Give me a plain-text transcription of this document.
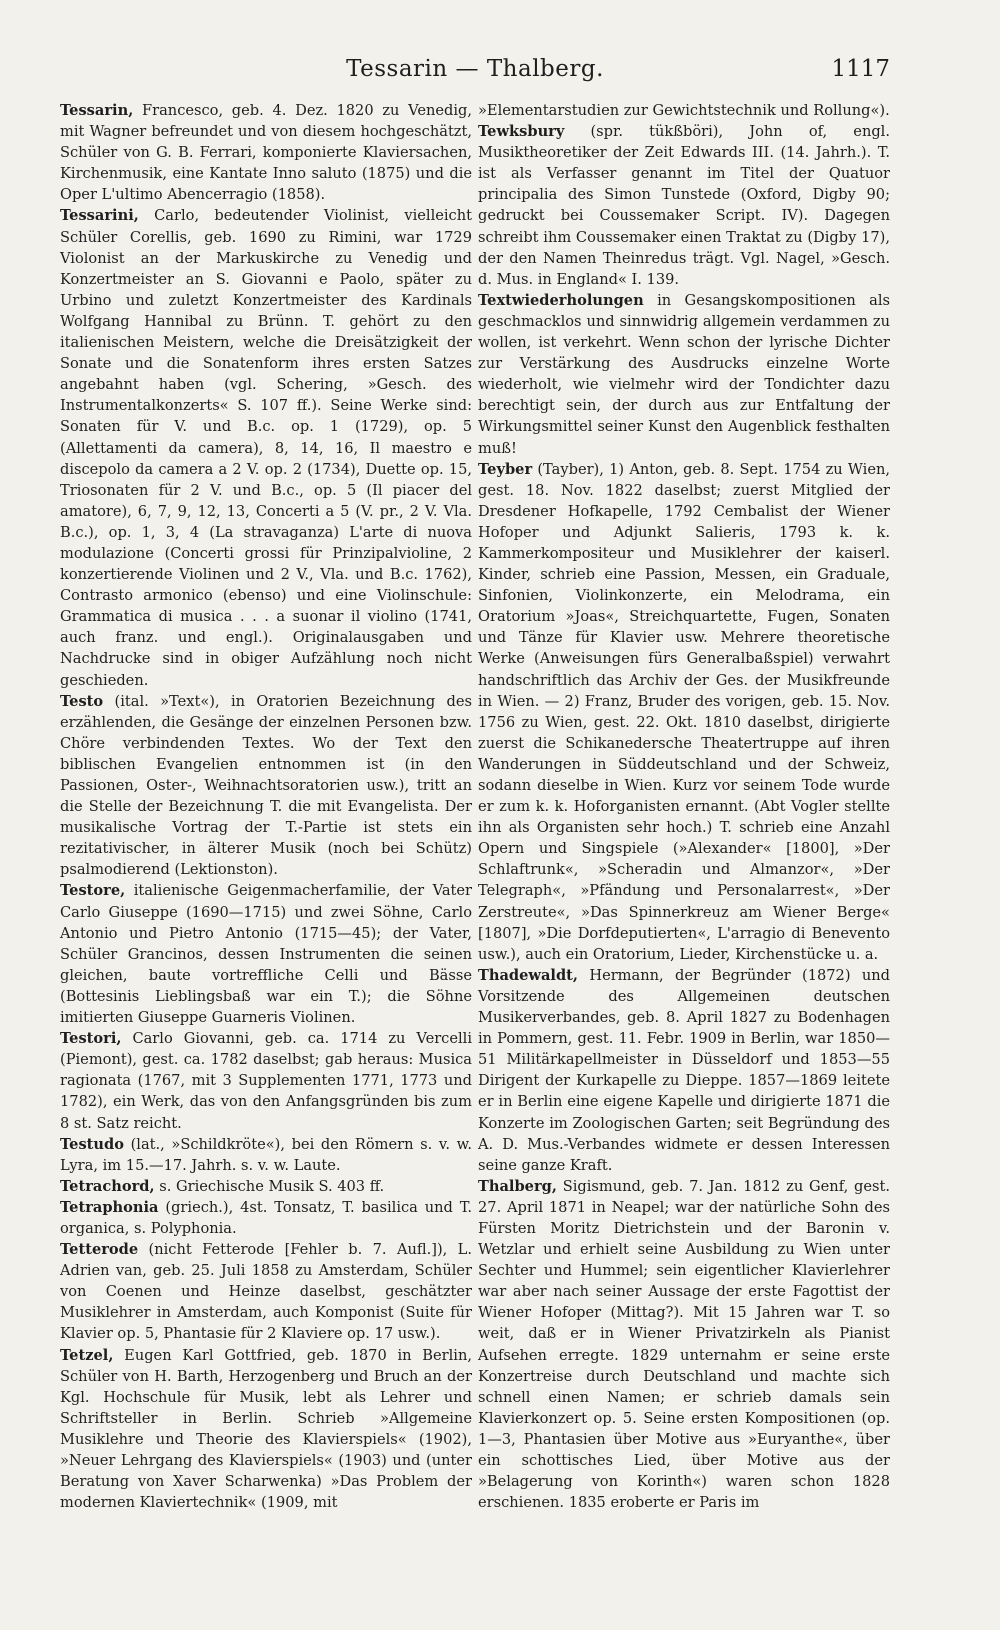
Tessarin — Thalberg.	1117

Tessarin, Francesco, geb. 4. Dez. 1820 zu Venedig, mit Wagner befreundet und von diesem hochgeschätzt, Schüler von G. B. Ferrari, komponierte Klaviersachen, Kirchenmusik, eine Kantate Inno saluto (1875) und die Oper L'ultimo Abencerragio (1858).

Tessarini, Carlo, bedeutender Violinist, vielleicht Schüler Corellis, geb. 1690 zu Rimini, war 1729 Violonist an der Markuskirche zu Venedig und Konzertmeister an S. Giovanni e Paolo, später zu Urbino und zuletzt Konzertmeister des Kardinals Wolfgang Hannibal zu Brünn. T. gehört zu den italienischen Meistern, welche die Dreisätzigkeit der Sonate und die Sonatenform ihres ersten Satzes angebahnt haben (vgl. Schering, »Gesch. des Instrumentalkonzerts« S. 107 ff.). Seine Werke sind: Sonaten für V. und B.c. op. 1 (1729), op. 5 (Allettamenti da camera), 8, 14, 16, Il maestro e discepolo da camera a 2 V. op. 2 (1734), Duette op. 15, Triosonaten für 2 V. und B.c., op. 5 (Il piacer del amatore), 6, 7, 9, 12, 13, Concerti a 5 (V. pr., 2 V. Vla. B.c.), op. 1, 3, 4 (La stravaganza) L'arte di nuova modulazione (Concerti grossi für Prinzipalvioline, 2 konzertierende Violinen und 2 V., Vla. und B.c. 1762), Contrasto armonico (ebenso) und eine Violinschule: Grammatica di musica . . . a suonar il violino (1741, auch franz. und engl.). Originalausgaben und Nachdrucke sind in obiger Aufzählung noch nicht geschieden.

Testo (ital. »Text«), in Oratorien Bezeichnung des erzählenden, die Gesänge der einzelnen Personen bzw. Chöre verbindenden Textes. Wo der Text den biblischen Evangelien entnommen ist (in den Passionen, Oster-, Weihnachtsoratorien usw.), tritt an die Stelle der Bezeichnung T. die mit Evangelista. Der musikalische Vortrag der T.-Partie ist stets ein rezitativischer, in älterer Musik (noch bei Schütz) psalmodierend (Lektionston).

Testore, italienische Geigenmacherfamilie, der Vater Carlo Giuseppe (1690—1715) und zwei Söhne, Carlo Antonio und Pietro Antonio (1715—45); der Vater, Schüler Grancinos, dessen Instrumenten die seinen gleichen, baute vortreffliche Celli und Bässe (Bottesinis Lieblingsbaß war ein T.); die Söhne imitierten Giuseppe Guarneris Violinen.

Testori, Carlo Giovanni, geb. ca. 1714 zu Vercelli (Piemont), gest. ca. 1782 daselbst; gab heraus: Musica ragionata (1767, mit 3 Supplementen 1771, 1773 und 1782), ein Werk, das von den Anfangsgründen bis zum 8 st. Satz reicht.

Testudo (lat., »Schildkröte«), bei den Römern s. v. w. Lyra, im 15.—17. Jahrh. s. v. w. Laute.

Tetrachord, s. Griechische Musik S. 403 ff.

Tetraphonia (griech.), 4st. Tonsatz, T. basilica und T. organica, s. Polyphonia.

Tetterode (nicht Fetterode [Fehler b. 7. Aufl.]), L. Adrien van, geb. 25. Juli 1858 zu Amsterdam, Schüler von Coenen und Heinze daselbst, geschätzter Musiklehrer in Amsterdam, auch Komponist (Suite für Klavier op. 5, Phantasie für 2 Klaviere op. 17 usw.).

Tetzel, Eugen Karl Gottfried, geb. 1870 in Berlin, Schüler von H. Barth, Herzogenberg und Bruch an der Kgl. Hochschule für Musik, lebt als Lehrer und Schriftsteller in Berlin. Schrieb »Allgemeine Musiklehre und Theorie des Klavierspiels« (1902), »Neuer Lehrgang des Klavierspiels« (1903) und (unter Beratung von Xaver Scharwenka) »Das Problem der modernen Klaviertechnik« (1909, mit

»Elementarstudien zur Gewichtstechnik und Rollung«).

Tewksbury (spr. tükßböri), John of, engl. Musiktheoretiker der Zeit Edwards III. (14. Jahrh.). T. ist als Verfasser genannt im Titel der Quatuor principalia des Simon Tunstede (Oxford, Digby 90; gedruckt bei Coussemaker Script. IV). Dagegen schreibt ihm Coussemaker einen Traktat zu (Digby 17), der den Namen Theinredus trägt. Vgl. Nagel, »Gesch. d. Mus. in England« I. 139.

Textwiederholungen in Gesangskompositionen als geschmacklos und sinnwidrig allgemein verdammen zu wollen, ist verkehrt. Wenn schon der lyrische Dichter zur Verstärkung des Ausdrucks einzelne Worte wiederholt, wie vielmehr wird der Tondichter dazu berechtigt sein, der durch aus zur Entfaltung der Wirkungsmittel seiner Kunst den Augenblick festhalten muß!

Teyber (Tayber), 1) Anton, geb. 8. Sept. 1754 zu Wien, gest. 18. Nov. 1822 daselbst; zuerst Mitglied der Dresdener Hofkapelle, 1792 Cembalist der Wiener Hofoper und Adjunkt Salieris, 1793 k. k. Kammerkompositeur und Musiklehrer der kaiserl. Kinder, schrieb eine Passion, Messen, ein Graduale, Sinfonien, Violinkonzerte, ein Melodrama, ein Oratorium »Joas«, Streichquartette, Fugen, Sonaten und Tänze für Klavier usw. Mehrere theoretische Werke (Anweisungen fürs Generalbaßspiel) verwahrt handschriftlich das Archiv der Ges. der Musikfreunde in Wien. — 2) Franz, Bruder des vorigen, geb. 15. Nov. 1756 zu Wien, gest. 22. Okt. 1810 daselbst, dirigierte zuerst die Schikanedersche Theatertruppe auf ihren Wanderungen in Süddeutschland und der Schweiz, sodann dieselbe in Wien. Kurz vor seinem Tode wurde er zum k. k. Hoforganisten ernannt. (Abt Vogler stellte ihn als Organisten sehr hoch.) T. schrieb eine Anzahl Opern und Singspiele (»Alexander« [1800], »Der Schlaftrunk«, »Scheradin und Almanzor«, »Der Telegraph«, »Pfändung und Personalarrest«, »Der Zerstreute«, »Das Spinnerkreuz am Wiener Berge« [1807], »Die Dorfdeputierten«, L'arragio di Benevento usw.), auch ein Oratorium, Lieder, Kirchenstücke u. a.

Thadewaldt, Hermann, der Begründer (1872) und Vorsitzende des Allgemeinen deutschen Musikerverbandes, geb. 8. April 1827 zu Bodenhagen in Pommern, gest. 11. Febr. 1909 in Berlin, war 1850—51 Militärkapellmeister in Düsseldorf und 1853—55 Dirigent der Kurkapelle zu Dieppe. 1857—1869 leitete er in Berlin eine eigene Kapelle und dirigierte 1871 die Konzerte im Zoologischen Garten; seit Begründung des A. D. Mus.-Verbandes widmete er dessen Interessen seine ganze Kraft.

Thalberg, Sigismund, geb. 7. Jan. 1812 zu Genf, gest. 27. April 1871 in Neapel; war der natürliche Sohn des Fürsten Moritz Dietrichstein und der Baronin v. Wetzlar und erhielt seine Ausbildung zu Wien unter Sechter und Hummel; sein eigentlicher Klavierlehrer war aber nach seiner Aussage der erste Fagottist der Wiener Hofoper (Mittag?). Mit 15 Jahren war T. so weit, daß er in Wiener Privatzirkeln als Pianist Aufsehen erregte. 1829 unternahm er seine erste Konzertreise durch Deutschland und machte sich schnell einen Namen; er schrieb damals sein Klavierkonzert op. 5. Seine ersten Kompositionen (op. 1—3, Phantasien über Motive aus »Euryanthe«, über ein schottisches Lied, über Motive aus der »Belagerung von Korinth«) waren schon 1828 erschienen. 1835 eroberte er Paris im
